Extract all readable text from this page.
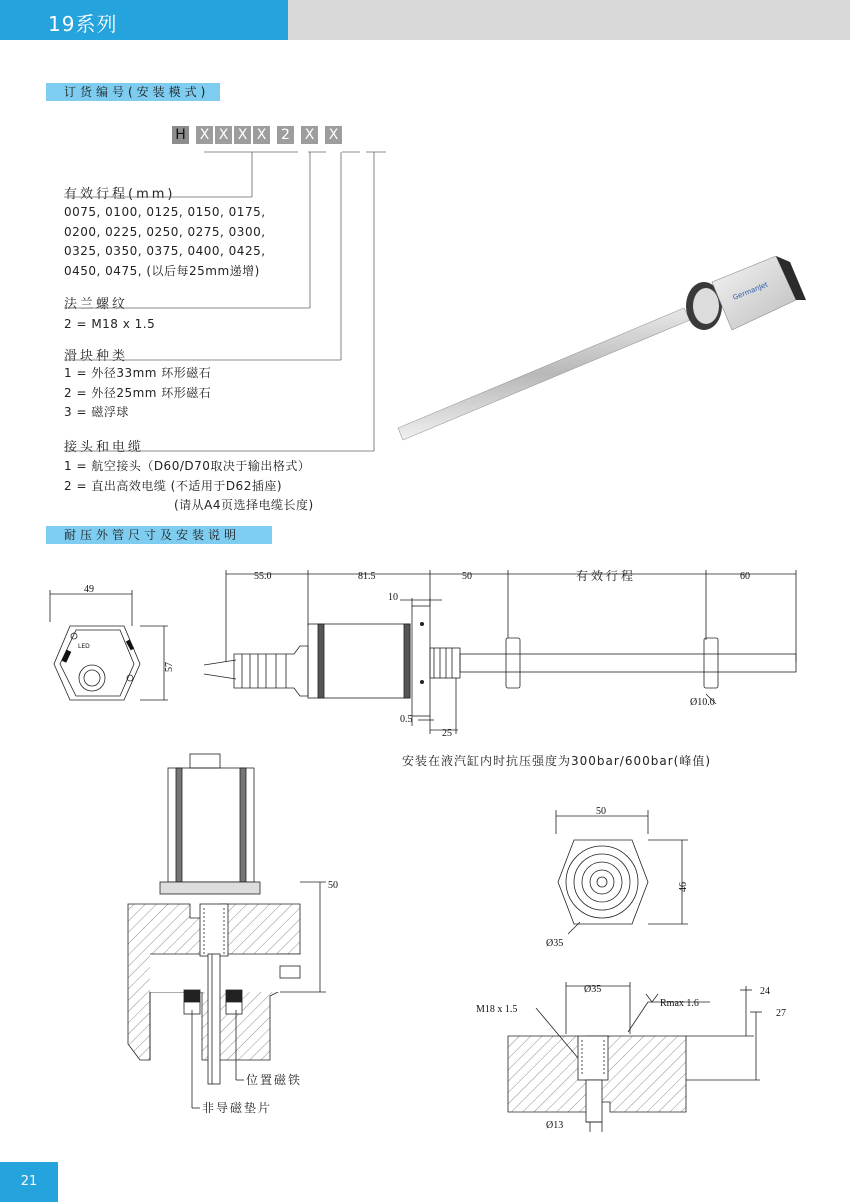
19系列
订货编号(安装模式)
H X X X X 2 X X
有效行程(mm)
0075, 0100, 0125, 0150, 0175,
0200, 0225, 0250, 0275, 0300,
0325, 0350, 0375, 0400, 0425,
0450, 0475, (以后每25mm递增)
法兰螺纹
2 = M18 x 1.5
滑块种类
1 = 外径33mm 环形磁石
2 = 外径25mm 环形磁石
3 = 磁浮球
接头和电缆
1 = 航空接头（D60/D70取决于输出格式）
2 = 直出高效电缆 (不适用于D62插座)
(请从A4页选择电缆长度)
GermanJet
耐压外管尺寸及安装说明
49
57
LED
55.0	81.5	50	有效行程	60
10
0.5
25
Ø10.0
安装在液汽缸内时抗压强度为300bar/600bar(峰值)
50
位置磁铁
非导磁垫片
50
46
Ø35
M18 x 1.5
Ø35
Rmax 1.6
24
27
Ø13
21
